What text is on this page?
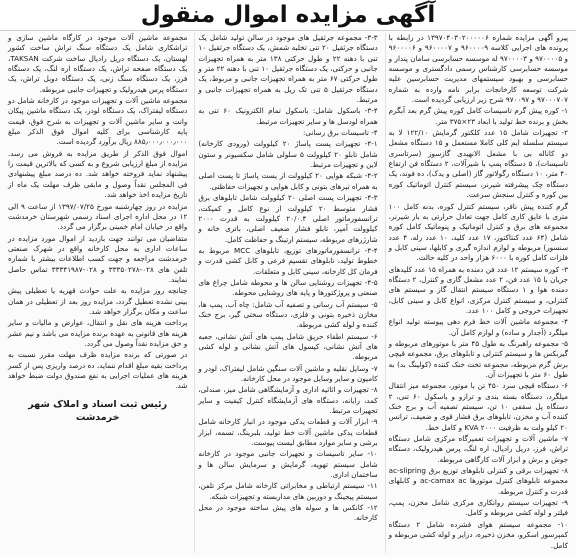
آگهی مزایده اموال منقول

پیرو آگهی مزایده شماره ۱۳۹۷۰۴۰۳۰۲۰۰۰۰۰۶ در رابطه با پرونده های اجرایی کلاسه ۹۶۰۰۰۰۹ و ۹۶۰۰۰۰۷ و ۹۶۰۰۰۰۶ و ۹۷۰۰۰۰۵ و ۹۷۰۰۰۰۳ له موسسه حسابرسی سامان پندار و موسسه حسابرسی کارشناس رسمی دادگستری و موسسه حسابرسی و بهبود سیستمهای مدیریت حسابرسین علیه شرکت توسعه کارخانجات برابر نامه وارده به شماره ۹۷۰۰۰۷۰۷ و ۹۷۰۰۹۷ شرح زیر ارزیابی گردیده است.

۱- کوره پیش گرم تاسیسات کامل کوره پیش گرم بعد آبگرم بخش و برنده خط تولید با ابعاد ۲۳×۳۷۵ متر.

۲- تجهیزات شامل ۱۵ عدد کلکتور گرمایش ۱۲۲/۱۰ لا به سیستم سلسله ایم کلی کاملا مستعمل و ۱۵ دستگاه مشعل دو کاناله بی با مشعل الانهیدی گازسوز (سرتاسری تاسیسات)، ۵ دستگاه پمپ با شیرآلات، ۲ دستگاه فن ارتفاع ۴۰ متر، ۱۰ دستگاه رگولاتور گاز (اصلی و یدک)، ده فوند، یک دستگاه چک پیشرفته شیرنر، سیستم کنترل اتوماتیک کوره بین کوره و کنترل سنجش سرعت.

گرم کننده پیش نافر، سیستم کنترل کوره، بدنه کامل ۱۰۰ متری با عایق کاری کامل جهت تعادل حرارتی به بار شیرنر، مجموعه های برق و کنترل اتوماتیک و پنوماتیک کامل کوره شامل (۶۴ عدد کنتاکتور، ۱۷ عدد کلید، ۱۰ عدد رله، ۴ عدد سنسور) مربوطه و لوازم اندازه گیری و کابلها، سینی کابل و فلزات کامل کوره با ۶۰۰۰ هزار واحد در کلیه حالت.

۳- کوره سیستم ۱۲ عدد فن دمنده به همراه ۱۵ عدد کلیدهای جریان با ۱۵ عدد فن، ۲ عدد مشعل گازی و کنترل، ۲ دستگاه دمنده هوا و ۱ دستگاه سیستم انتقال گاز و سیستم های کنترلی، و سیستم کنترل مرکزی، انواع کابل و سینی کابل، تجهیزات خروجی و کامل ۱۰۰ عدد.

۴- مجموعه ماشین آلات خط فرم دهی پیوسته تولید انواع میلگرد (آجدار و ساده) و لوازم کامل آن.

۵- مجموعه راهبرنگ به طول ۴۵ متر با موتورهای مربوطه و گیربکس ها و سیستم کنترلی و تابلوهای برق، مجموعه قیچی برش گرم مربوطه، مجموعه تخت خنک کننده (کولینگ بد) به طول ۶۰ متر با تجهیزات آن.

۶- دستگاه قیچی سرد ۴۵۰ تن با موتور، مجموعه میز انتقال میلگرد، دستگاه بسته بندی و ترازو و باسکول ۶۰ تنی، ۲ دستگاه پل سقفی ۱۰ تن، سیستم تصفیه آب و برج خنک کننده آب و مخزن، تابلوهای برق فشار قوی و ضعیف، ترانس ۲۰ کیلو ولت به ظرفیت ۲۰۰۰ KVA و کامل خط.

۷- ماشین آلات و تجهیزات تعمیرگاه مرکزی شامل دستگاه تراش، فرز، دریل رادیال، اره لنگ، پرس هیدرولیک، دستگاه جوش و برش و ابزار آلات کارگاهی مربوطه.

۸- تجهیزات برقی و کنترلی تابلوهای توزیع برق ac-slipring مجموعه تابلوهای کنترل موتورها ac-camax ac و کابلهای قدرت و کنترل مربوطه.

۹- تجهیزات سیستم روانکاری مرکزی شامل مخزن، پمپ، فیلتر و لوله کشی مربوطه و کامل.

۱۰- مجموعه سیستم هوای فشرده شامل ۲ دستگاه کمپرسور اسکرو، مخزن ذخیره، درایر و لوله کشی مربوطه و کامل.

۳-۳- مجموعه جرثقیل های موجود در سالن تولید شامل یک دستگاه جرثقیل ۲۰ تنی تخلیه شمش، یک دستگاه جرثقیل ۱۰ تنی با دهنه ۲۲ و طول حرکتی ۱۳۸ متر به همراه تجهیزات جانبی و حرکتی، یک دستگاه جرثقیل ۱۰ تنی با دهنه ۲۲ متر و طول حرکتی ۶۷ متر به همراه تجهیزات جانبی و مربوط، یک دستگاه جرثقیل ۵ تنی تک ریل به همراه تجهیزات جانبی و مرتبط.

۳-۴- باسکول شامل: باسکول تمام الکترونیک ۶۰ تنی به همراه لودسل ها و سایر تجهیزات مرتبط.

۴- تاسیسات برق رسانی:

۴-۱- تجهیزات پست پاساژ ۲۰ کیلوولت (ورودی کارخانه) شامل تابلو ۲۰ کیلوولت ۵ سلولی شامل سکسیونر و ستون لاین و تجهیزات مرتبط.

۴-۲- شبکه هوایی ۲۰ کیلوولت از پست پاساژ تا پست اصلی به همراه تیرهای بتونی و کابل هوایی و تجهیزات حفاظتی.

۴-۳- تجهیزات پست اصلی ۲۰ کیلوولت شامل تابلوهای برق فشار متوسط ۲۰ کیلوولت از نوع کامل و کمپکت، ترانسفورماتور اصلی ۲۰/۰.۴ کیلوولت به قدرت ۲۰۰۰ کیلوولت آمپر، تابلو فشار ضعیف اصلی، باتری خانه و شارژرهای مربوطه، سیستم ارتینگ و حفاظت کامل.

۴-۴- ترانسفورماتورهای توزیع، تابلوهای MCC مربوط به خطوط تولید، تابلوهای تقسیم فرعی و کابل کشی قدرت و فرمان کل کارخانه، سینی کابل و متعلقات.

۴-۵- تجهیزات روشنایی سالن ها و محوطه شامل چراغ های صنعتی و پروژکتورها و پایه های روشنایی محوطه.

۵- سیستم آب رسانی و تصفیه آب شامل: چاه آب، پمپ ها، مخازن ذخیره بتونی و فلزی، دستگاه سختی گیر، برج خنک کننده و لوله کشی مربوطه.

۶- سیستم اطفاء حریق شامل پمپ های آتش نشانی، جعبه های آتش نشانی، کپسول های آتش نشانی و لوله کشی مربوطه.

۷- وسایل نقلیه و ماشین آلات سنگین شامل لیفتراک، لودر و کامیون و سایر وسایل موجود در محل کارخانه.

۸- تجهیزات و اثاثیه اداری و آزمایشگاهی شامل میز، صندلی، کمد، رایانه، دستگاه های آزمایشگاه کنترل کیفیت و سایر تجهیزات مرتبط.

۹- ابزار آلات و قطعات یدکی موجود در انبار کارخانه شامل قطعات یدکی ماشین آلات خط تولید، بلبرینگ، تسمه، ابزار برشی و سایر موارد مطابق لیست پیوست.

۱۰- سایر تاسیسات و تجهیزات جانبی موجود در کارخانه شامل سیستم تهویه، گرمایش و سرمایش سالن ها و ساختمان اداری.

۱۱- سیستم ارتباطی و مخابراتی کارخانه شامل مرکز تلفن، سیستم پیجینگ و دوربین های مداربسته و تجهیزات شبکه.

۱۲- کانکس ها و سوله های پیش ساخته موجود در محل کارخانه.

مجموعه ماشین آلات موجود در کارگاه ماشین سازی و تراشکاری شامل یک دستگاه سنگ تراش ساخت کشور لهستان، یک دستگاه دریل رادیال ساخت شرکت TAKSAN، یک دستگاه صفحه تراش، یک دستگاه اره لنگ، یک دستگاه فرز، یک دستگاه سنگ زنی، یک دستگاه دوبل تراش، یک دستگاه پرس هیدرولیک و تجهیزات جانبی مربوطه.

مجموعه ماشین آلات و تجهیزات موجود در کارخانه شامل دو دستگاه لیفتراک، یک دستگاه لودر، یک دستگاه ماشین پیکان وانت و سایر ماشین آلات و تجهیزات به شرح فوق، قیمت پایه کارشناسی برای کلیه اموال فوق الذکر مبلغ ۸۸۵٫۰۰۰٫۰۰۰٫۰۰۰ ریال برآورد گردیده است.

اموال فوق الذکر از طریق مزایده به فروش می رسد. مزایده از مبلغ ارزیابی شروع و به کسی که بالاترین قیمت را پیشنهاد نماید فروخته خواهد شد. ده درصد مبلغ پیشنهادی فی المجلس نقداً وصول و مابقی ظرف مهلت یک ماه از تاریخ مزایده اخذ خواهد شد.

مزایده در روز چهارشنبه مورخ ۱۳۹۷/۰۷/۲۵ از ساعت ۹ الی ۱۲ در محل اداره اجرای اسناد رسمی شهرستان خرمدشت واقع در خیابان امام خمینی برگزار می گردد.

متقاضیان می توانند جهت بازدید از اموال مورد مزایده در ساعات اداری به محل کارخانه واقع در شهرک صنعتی خرمدشت مراجعه و جهت کسب اطلاعات بیشتر با شماره تلفن های ۰۲۸-۳۳۳۵۰۲۷۸ و ۰۲۸-۳۳۳۴۱۹۸۷ تماس حاصل نمایند.

چنانچه روز مزایده به علت حوادث قهریه یا تعطیلی پیش بینی نشده تعطیل گردد، مزایده روز بعد از تعطیلی در همان ساعت و مکان برگزار خواهد شد.

پرداخت هزینه های نقل و انتقال، عوارض و مالیات و سایر هزینه های قانونی به عهده برنده مزایده می باشد و نیم عشر و حق مزایده نقداً وصول می گردد.

در صورتی که برنده مزایده ظرف مهلت مقرر نسبت به پرداخت بقیه مبلغ اقدام ننماید، ده درصد واریزی پس از کسر هزینه های عملیات اجرایی به نفع صندوق دولت ضبط خواهد شد.

رئیس ثبت اسناد و املاک شهر خرمدشت
